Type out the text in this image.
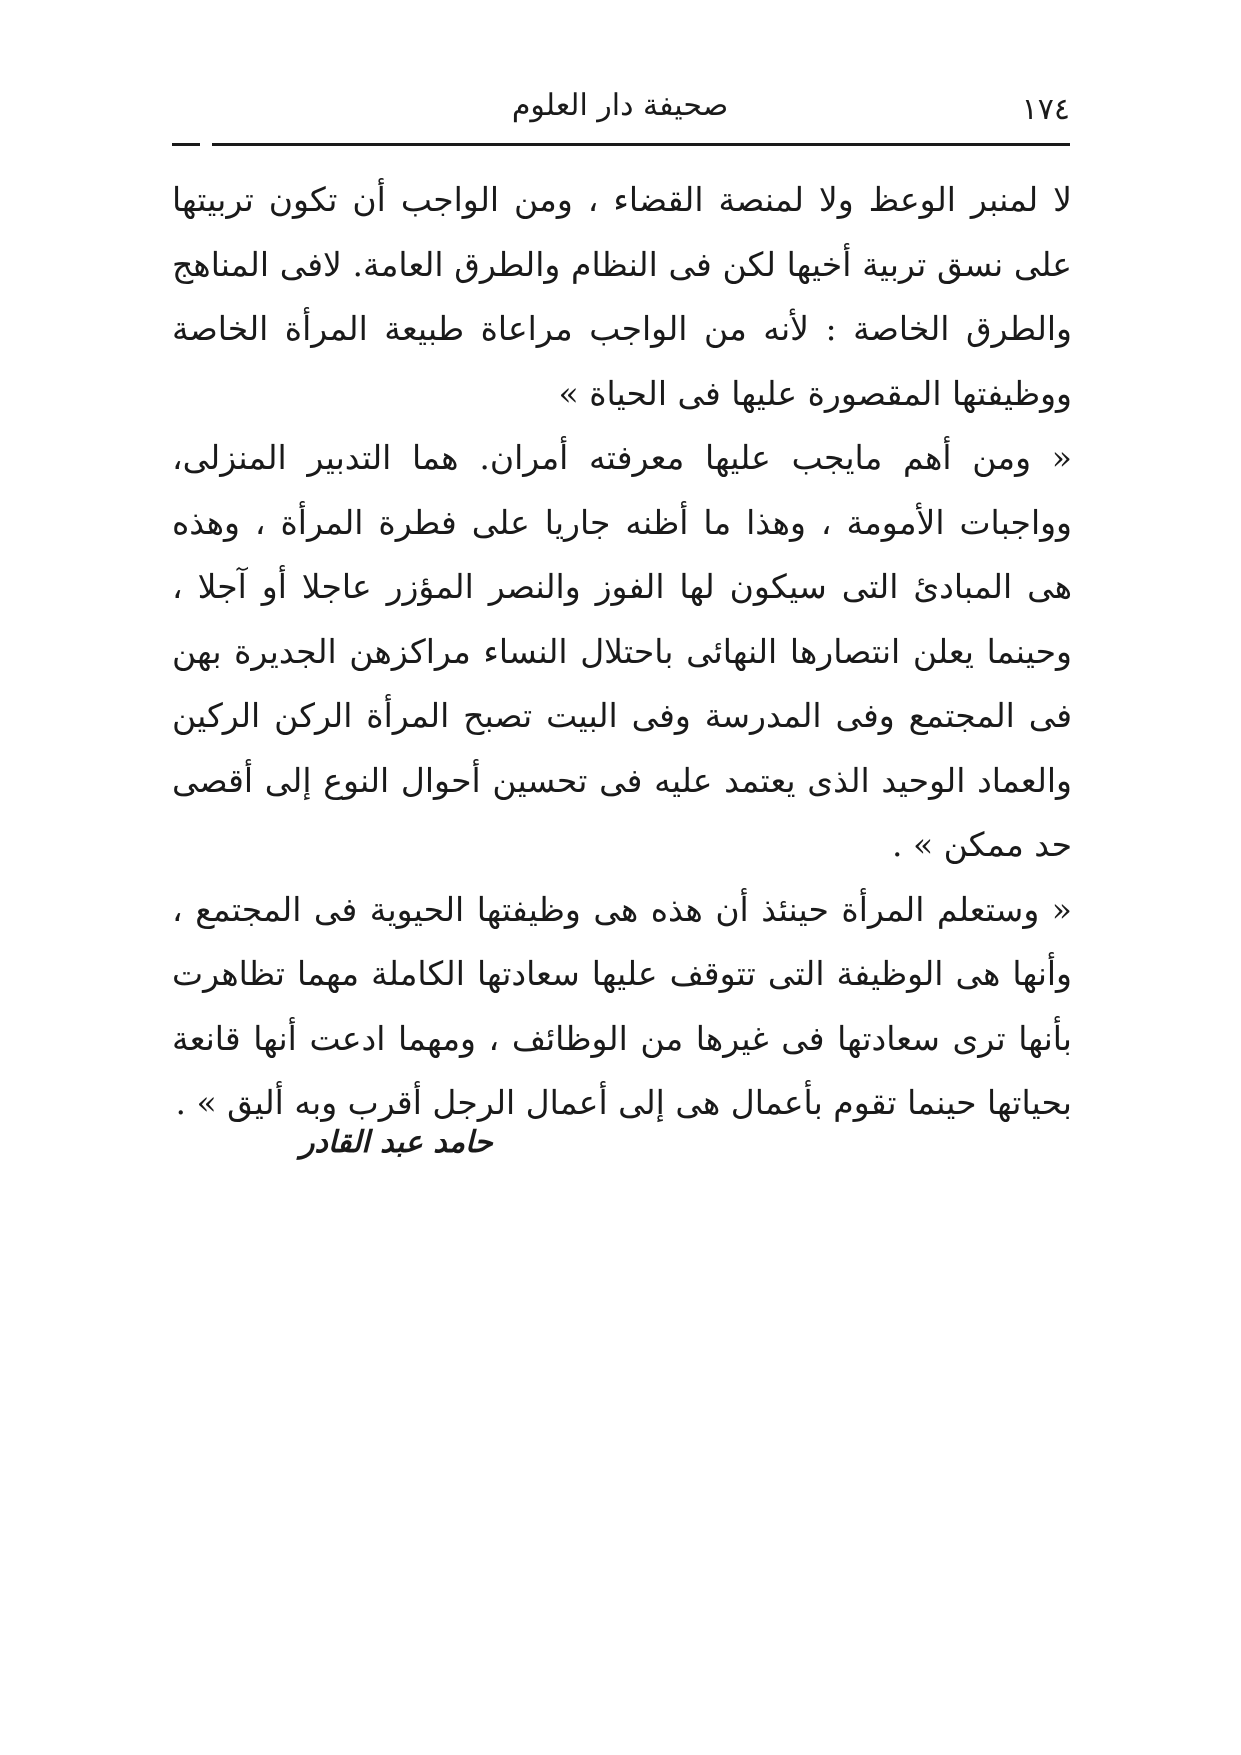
١٧٤
صحيفة دار العلوم

لا لمنبر الوعظ ولا لمنصة القضاء ، ومن الواجب أن تكون تربيتها على نسق تربية أخيها لكن فى النظام والطرق العامة. لافى المناهج والطرق الخاصة : لأنه من الواجب مراعاة طبيعة المرأة الخاصة ووظيفتها المقصورة عليها فى الحياة »

« ومن أهم مايجب عليها معرفته أمران. هما التدبير المنزلى، وواجبات الأمومة ، وهذا ما أظنه جاريا على فطرة المرأة ، وهذه هى المبادئ التى سيكون لها الفوز والنصر المؤزر عاجلا أو آجلا ، وحينما يعلن انتصارها النهائى باحتلال النساء مراكزهن الجديرة بهن فى المجتمع وفى المدرسة وفى البيت تصبح المرأة الركن الركين والعماد الوحيد الذى يعتمد عليه فى تحسين أحوال النوع إلى أقصى حد ممكن » .

« وستعلم المرأة حينئذ أن هذه هى وظيفتها الحيوية فى المجتمع ، وأنها هى الوظيفة التى تتوقف عليها سعادتها الكاملة مهما تظاهرت بأنها ترى سعادتها فى غيرها من الوظائف ، ومهما ادعت أنها قانعة بحياتها حينما تقوم بأعمال هى إلى أعمال الرجل أقرب وبه أليق » .

حامد عبد القادر
